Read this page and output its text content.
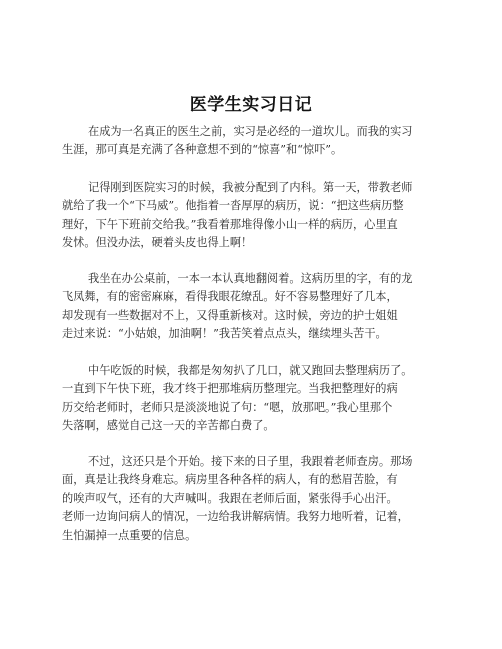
医学生实习日记
在成为一名真正的医生之前，实习是必经的一道坎儿。而我的实习
生涯，那可真是充满了各种意想不到的“惊喜”和“惊吓”。
记得刚到医院实习的时候，我被分配到了内科。第一天，带教老师
就给了我一个“下马威”。他指着一沓厚厚的病历，说：“把这些病历整
理好，下午下班前交给我。”我看着那堆得像小山一样的病历，心里直
发怵。但没办法，硬着头皮也得上啊！
我坐在办公桌前，一本一本认真地翻阅着。这病历里的字，有的龙
飞凤舞，有的密密麻麻，看得我眼花缭乱。好不容易整理好了几本，
却发现有一些数据对不上，又得重新核对。这时候，旁边的护士姐姐
走过来说：“小姑娘，加油啊！”我苦笑着点点头，继续埋头苦干。
中午吃饭的时候，我都是匆匆扒了几口，就又跑回去整理病历了。
一直到下午快下班，我才终于把那堆病历整理完。当我把整理好的病
历交给老师时，老师只是淡淡地说了句：“嗯，放那吧。”我心里那个
失落啊，感觉自己这一天的辛苦都白费了。
不过，这还只是个开始。接下来的日子里，我跟着老师查房。那场
面，真是让我终身难忘。病房里各种各样的病人，有的愁眉苦脸，有
的唉声叹气，还有的大声喊叫。我跟在老师后面，紧张得手心出汗。
老师一边询问病人的情况，一边给我讲解病情。我努力地听着，记着，
生怕漏掉一点重要的信息。
